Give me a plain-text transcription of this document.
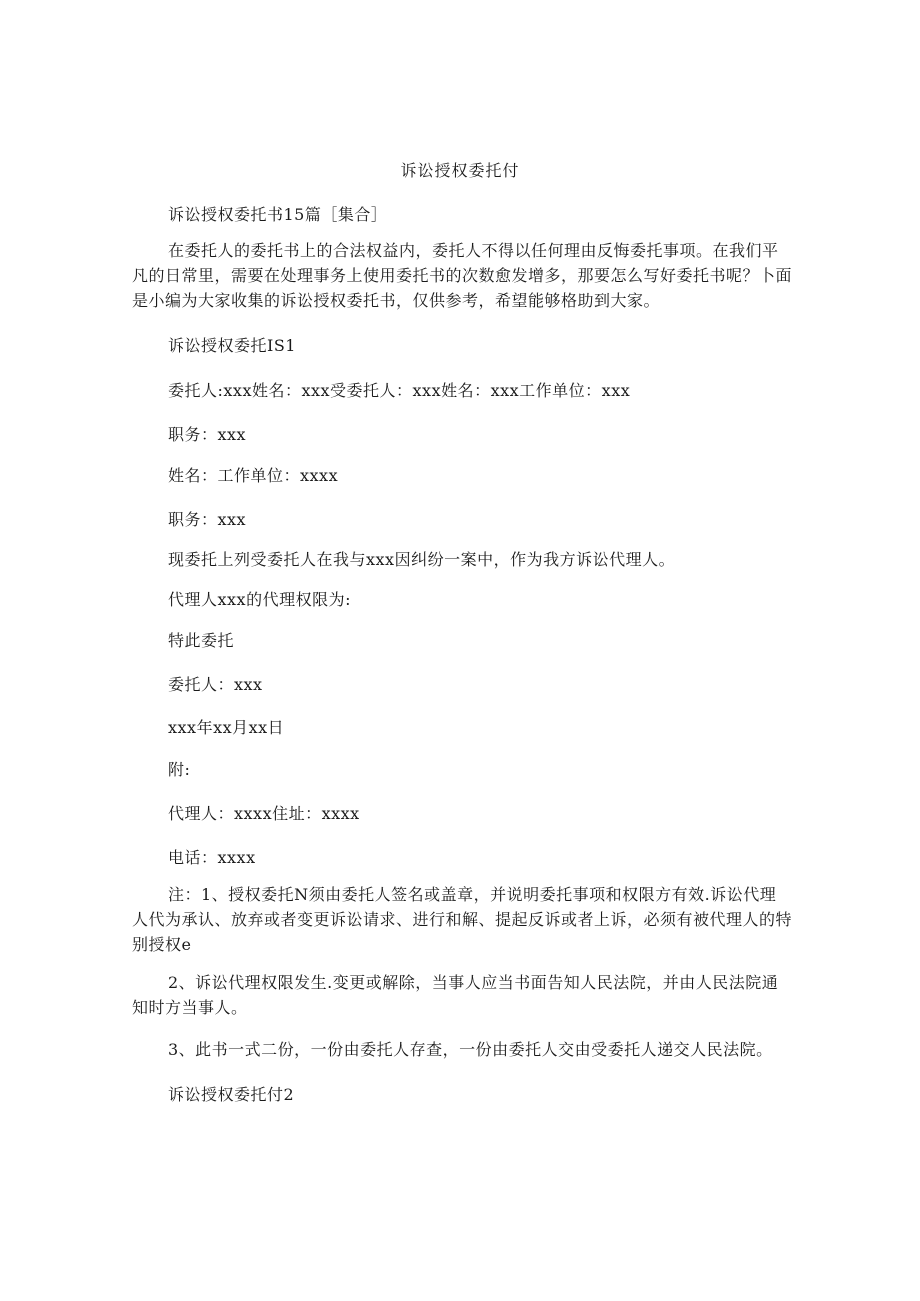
诉讼授权委托付
诉讼授权委托书15篇［集合］
在委托人的委托书上的合法权益内，委托人不得以任何理由反悔委托事项。在我们平凡的日常里，需要在处理事务上使用委托书的次数愈发增多，那要怎么写好委托书呢？卜面是小编为大家收集的诉讼授权委托书，仅供参考，希望能够格助到大家。
诉讼授权委托IS1
委托人:xxx姓名：xxx受委托人：xxx姓名：xxx工作单位：xxx
职务：xxx
姓名：工作单位：xxxx
职务：xxx
现委托上列受委托人在我与xxx因纠纷一案中，作为我方诉讼代理人。
代理人xxx的代理权限为:
特此委托
委托人：xxx
xxx年xx月xx日
附:
代理人：xxxx住址：xxxx
电话：xxxx
注：1、授权委托N须由委托人签名或盖章，并说明委托事项和权限方有效.诉讼代理人代为承认、放弃或者变更诉讼请求、进行和解、提起反诉或者上诉，必须有被代理人的特别授权e
2、诉讼代理权限发生.变更或解除，当事人应当书面告知人民法院，并由人民法院通知时方当事人。
3、此书一式二份，一份由委托人存查，一份由委托人交由受委托人递交人民法院。
诉讼授权委托付2
